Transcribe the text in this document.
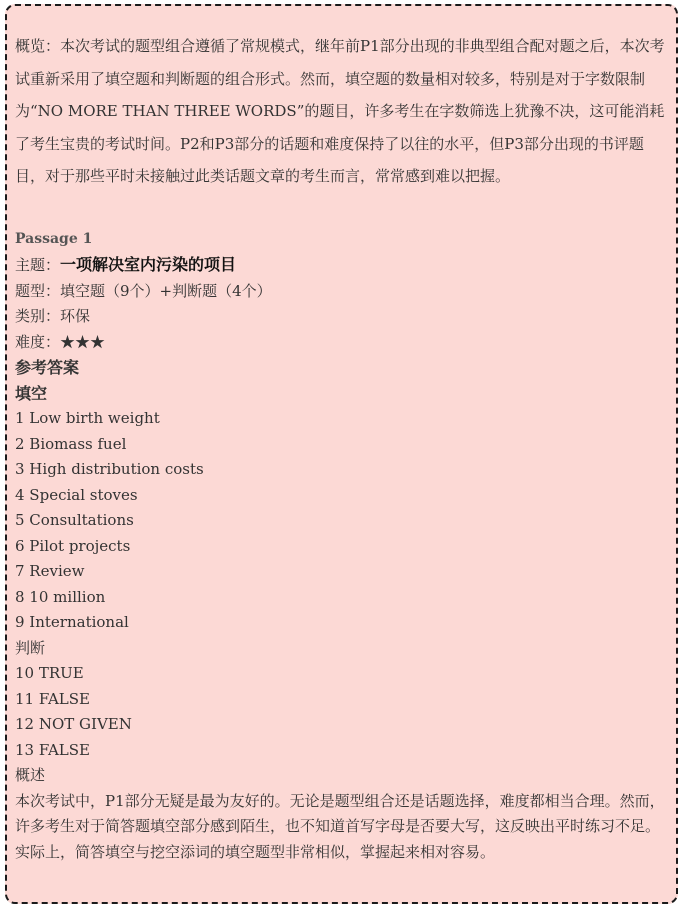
概览：本次考试的题型组合遵循了常规模式，继年前P1部分出现的非典型组合配对题之后，本次考试重新采用了填空题和判断题的组合形式。然而，填空题的数量相对较多，特别是对于字数限制为“NO MORE THAN THREE WORDS”的题目，许多考生在字数筛选上犹豫不决，这可能消耗了考生宝贵的考试时间。P2和P3部分的话题和难度保持了以往的水平，但P3部分出现的书评题目，对于那些平时未接触过此类话题文章的考生而言，常常感到难以把握。

Passage 1
主题：一项解决室内污染的项目
题型：填空题（9个）+判断题（4个）
类别：环保
难度：★★★
参考答案
填空
1 Low birth weight
2 Biomass fuel
3 High distribution costs
4 Special stoves
5 Consultations
6 Pilot projects
7 Review
8 10 million
9 International
判断
10 TRUE
11 FALSE
12 NOT GIVEN
13 FALSE
概述

本次考试中，P1部分无疑是最为友好的。无论是题型组合还是话题选择，难度都相当合理。然而，许多考生对于简答题填空部分感到陌生，也不知道首写字母是否要大写，这反映出平时练习不足。实际上，简答填空与挖空添词的填空题型非常相似，掌握起来相对容易。
